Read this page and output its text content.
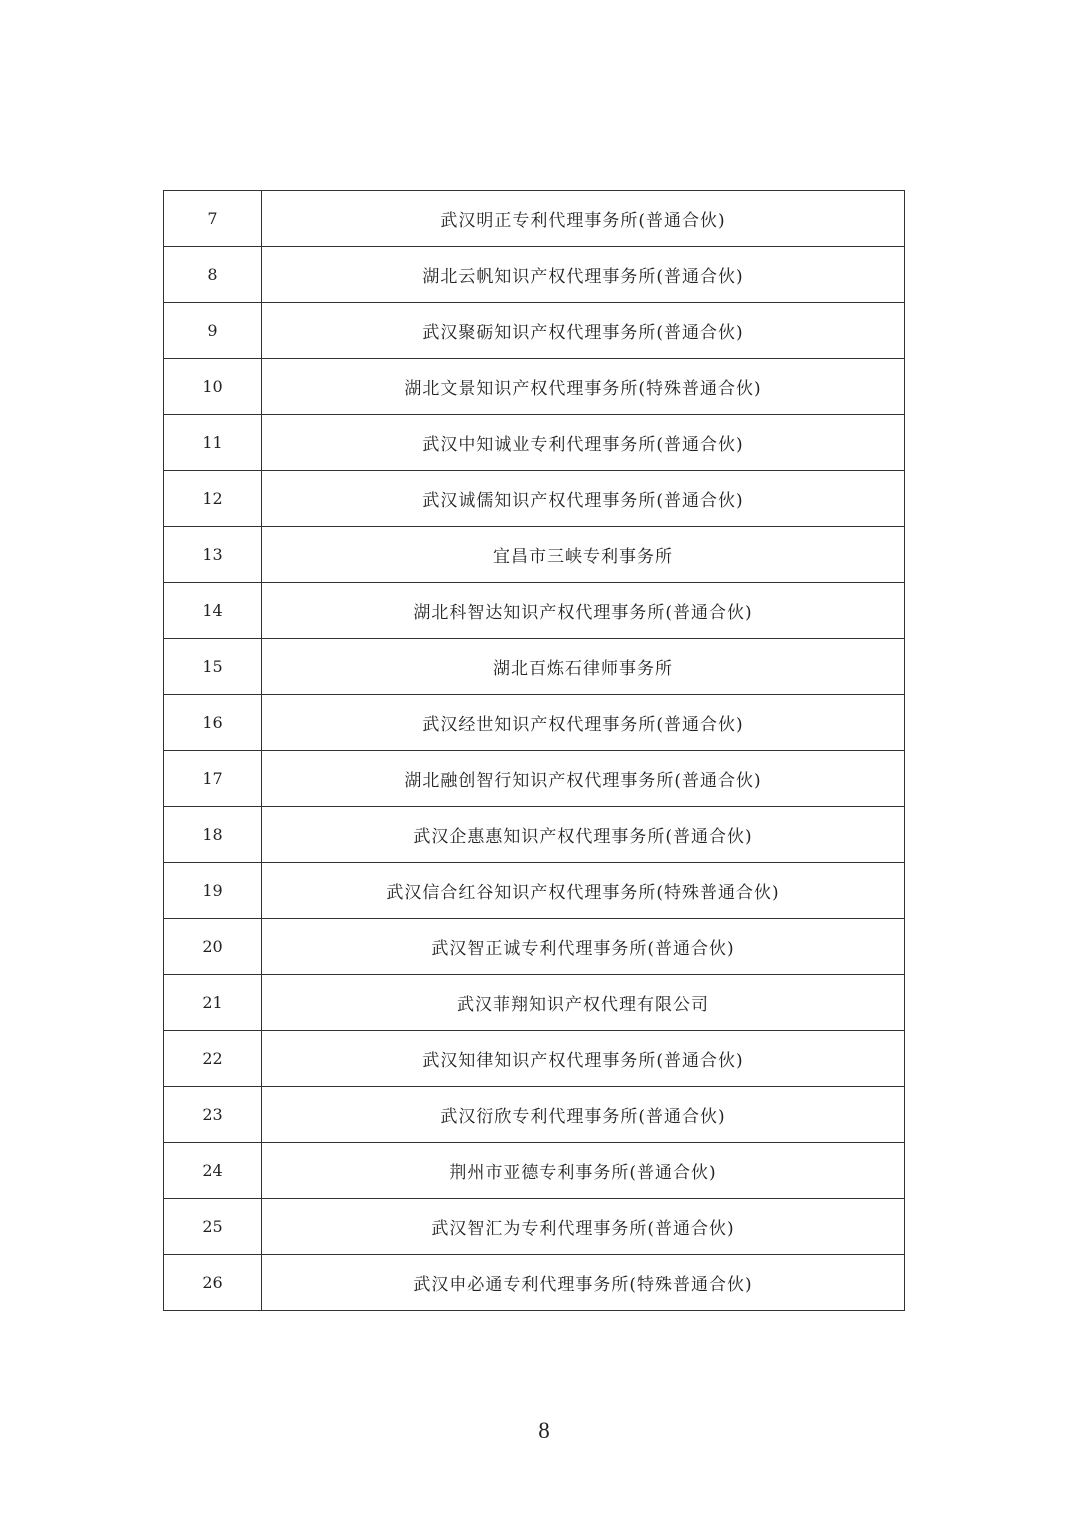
7	武汉明正专利代理事务所(普通合伙)
8	湖北云帆知识产权代理事务所(普通合伙)
9	武汉聚砺知识产权代理事务所(普通合伙)
10	湖北文景知识产权代理事务所(特殊普通合伙)
11	武汉中知诚业专利代理事务所(普通合伙)
12	武汉诚儒知识产权代理事务所(普通合伙)
13	宜昌市三峡专利事务所
14	湖北科智达知识产权代理事务所(普通合伙)
15	湖北百炼石律师事务所
16	武汉经世知识产权代理事务所(普通合伙)
17	湖北融创智行知识产权代理事务所(普通合伙)
18	武汉企惠惠知识产权代理事务所(普通合伙)
19	武汉信合红谷知识产权代理事务所(特殊普通合伙)
20	武汉智正诚专利代理事务所(普通合伙)
21	武汉菲翔知识产权代理有限公司
22	武汉知律知识产权代理事务所(普通合伙)
23	武汉衍欣专利代理事务所(普通合伙)
24	荆州市亚德专利事务所(普通合伙)
25	武汉智汇为专利代理事务所(普通合伙)
26	武汉申必通专利代理事务所(特殊普通合伙)
8
